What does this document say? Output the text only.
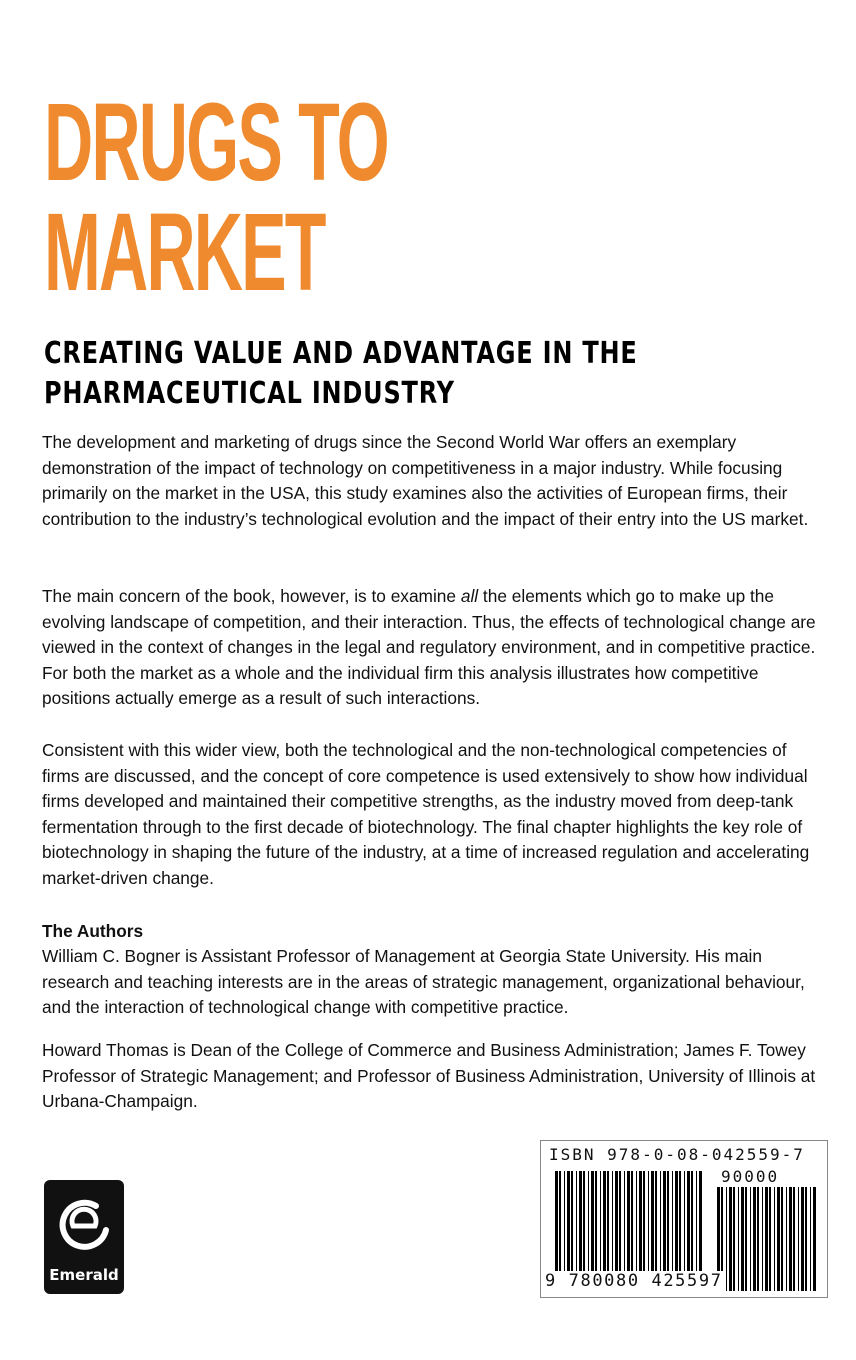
DRUGS TO
MARKET
CREATING VALUE AND ADVANTAGE IN THE
PHARMACEUTICAL INDUSTRY

The development and marketing of drugs since the Second World War offers an exemplary demonstration of the impact of technology on competitiveness in a major industry. While focusing primarily on the market in the USA, this study examines also the activities of European firms, their contribution to the industry’s technological evolution and the impact of their entry into the US market.

The main concern of the book, however, is to examine all the elements which go to make up the evolving landscape of competition, and their interaction. Thus, the effects of technological change are viewed in the context of changes in the legal and regulatory environment, and in competitive practice. For both the market as a whole and the individual firm this analysis illustrates how competitive positions actually emerge as a result of such interactions.

Consistent with this wider view, both the technological and the non-technological competencies of firms are discussed, and the concept of core competence is used extensively to show how individual firms developed and maintained their competitive strengths, as the industry moved from deep-tank fermentation through to the first decade of biotechnology. The final chapter highlights the key role of biotechnology in shaping the future of the industry, at a time of increased regulation and accelerating market-driven change.

The Authors

William C. Bogner is Assistant Professor of Management at Georgia State University. His main research and teaching interests are in the areas of strategic management, organizational behaviour, and the interaction of technological change with competitive practice.

Howard Thomas is Dean of the College of Commerce and Business Administration; James F. Towey Professor of Strategic Management; and Professor of Business Administration, University of Illinois at Urbana-Champaign.

Emerald
ISBN 978-0-08-042559-7
90000
9 780080 425597
